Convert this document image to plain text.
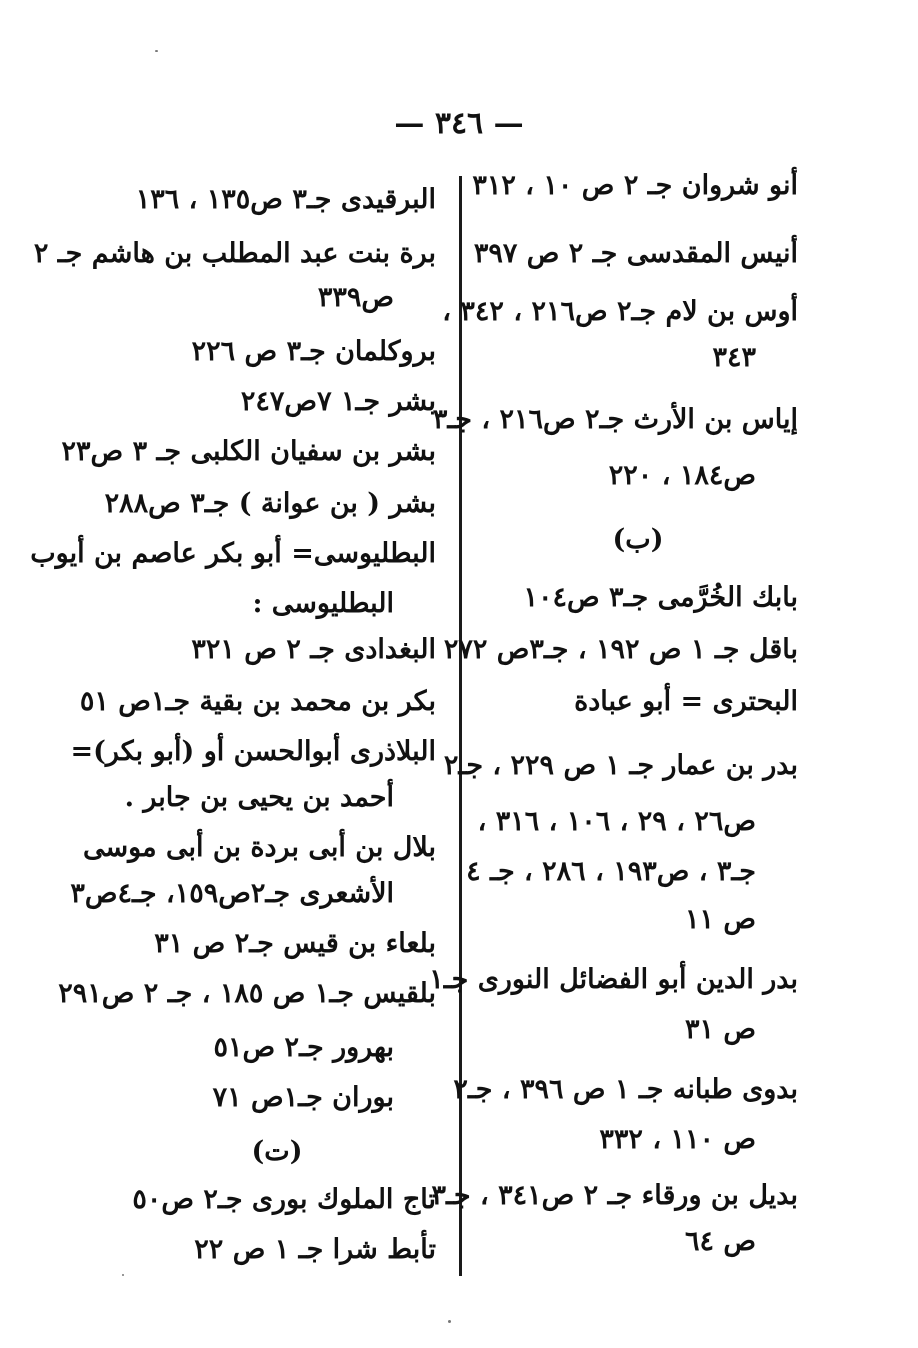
— ٣٤٦ —
أنو شروان جـ ٢ ص ١٠ ، ٣١٢
أنيس المقدسى جـ ٢ ص ٣٩٧
أوس بن لام جـ٢ ص٢١٦ ، ٣٤٢ ،
٣٤٣
إياس بن الأرث جـ٢ ص٢١٦ ، جـ٣
ص١٨٤ ، ٢٢٠
(ب)
بابك الخُرَّمى جـ٣ ص١٠٤
باقل جـ ١ ص ١٩٢ ، جـ٣ص ٢٧٢
البحترى = أبو عبادة
بدر بن عمار جـ ١ ص ٢٢٩ ، جـ٢
ص٢٦ ، ٢٩ ، ١٠٦ ، ٣١٦ ،
جـ٣ ، ص١٩٣ ، ٢٨٦ ، جـ ٤
ص ١١
بدر الدين أبو الفضائل النورى جـ١
ص ٣١
بدوى طبانه جـ ١ ص ٣٩٦ ، جـ٢
ص ١١٠ ، ٣٣٢
بديل بن ورقاء جـ ٢ ص٣٤١ ، جـ٣
ص ٦٤
البرقيدى جـ٣ ص١٣٥ ، ١٣٦
برة بنت عبد المطلب بن هاشم جـ ٢
ص٣٣٩
بروكلمان جـ٣ ص ٢٢٦
بشر جـ١ ٧ص٢٤٧
بشر بن سفيان الكلبى جـ ٣ ص٢٣
بشر ( بن عوانة ) جـ٣ ص٢٨٨
البطليوسى= أبو بكر عاصم بن أيوب
البطليوسى :
البغدادى جـ ٢ ص ٣٢١
بكر بن محمد بن بقية جـ١ص ٥١
البلاذرى أبوالحسن أو (أبو بكر)=
أحمد بن يحيى بن جابر .
بلال بن أبى بردة بن أبى موسى
الأشعرى جـ٢ص١٥٩، جـ٤ص٣
بلعاء بن قيس جـ٢ ص ٣١
بلقيس جـ١ ص ١٨٥ ، جـ ٢ ص٢٩١
بهرور جـ٢ ص٥١
بوران جـ١ص ٧١
(ت)
تاج الملوك بورى جـ٢ ص٥٠
تأبط شرا جـ ١ ص ٢٢
